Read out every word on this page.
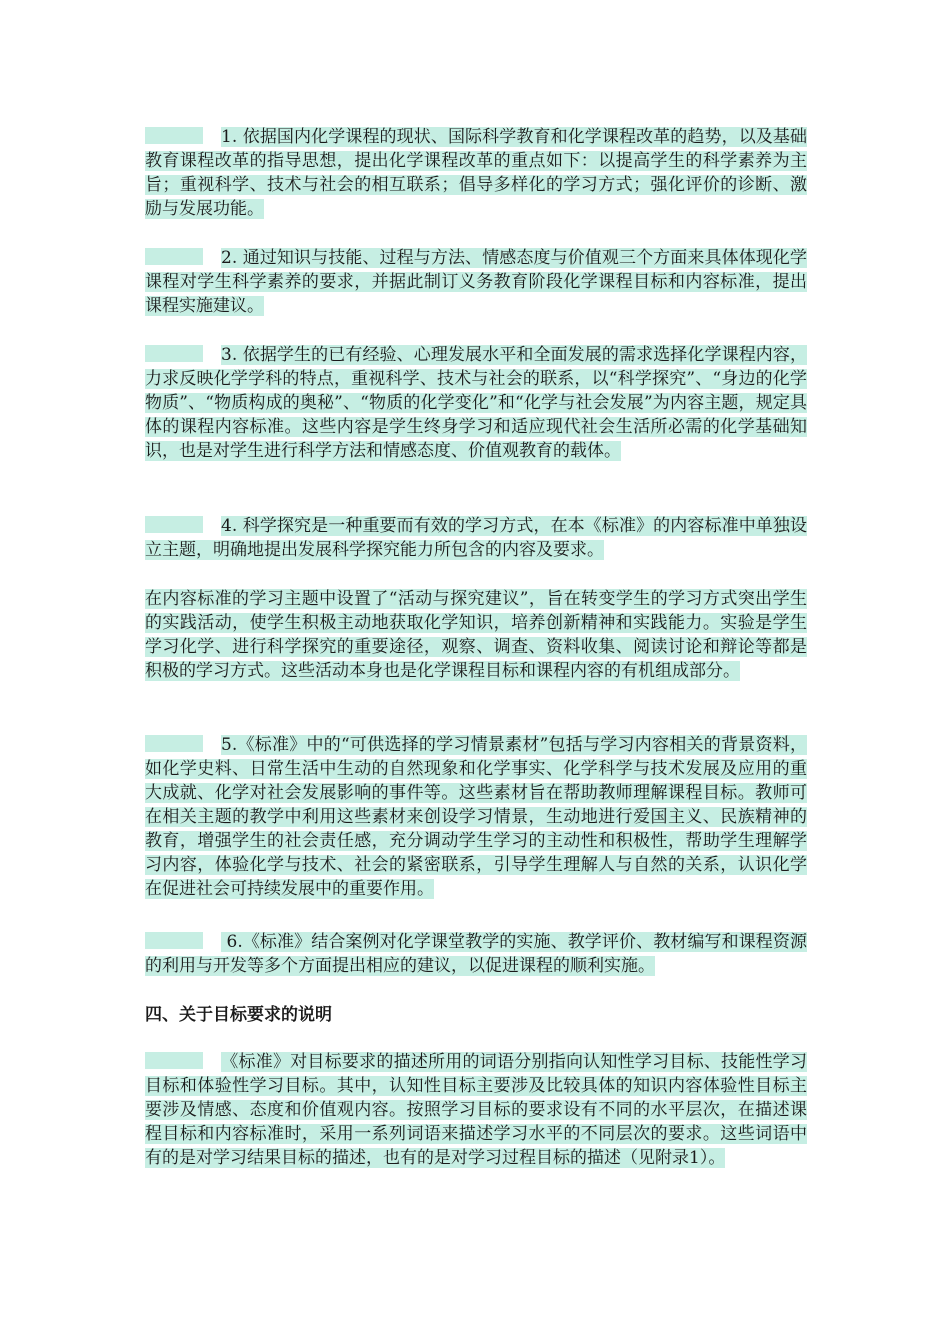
1. 依据国内化学课程的现状、国际科学教育和化学课程改革的趋势，以及基础教育课程改革的指导思想，提出化学课程改革的重点如下：以提高学生的科学素养为主旨；重视科学、技术与社会的相互联系；倡导多样化的学习方式；强化评价的诊断、激励与发展功能。
2. 通过知识与技能、过程与方法、情感态度与价值观三个方面来具体体现化学课程对学生科学素养的要求，并据此制订义务教育阶段化学课程目标和内容标准，提出课程实施建议。
3. 依据学生的已有经验、心理发展水平和全面发展的需求选择化学课程内容，力求反映化学学科的特点，重视科学、技术与社会的联系，以“科学探究”、“身边的化学物质”、“物质构成的奥秘”、“物质的化学变化”和“化学与社会发展”为内容主题，规定具体的课程内容标准。这些内容是学生终身学习和适应现代社会生活所必需的化学基础知识，也是对学生进行科学方法和情感态度、价值观教育的载体。
4. 科学探究是一种重要而有效的学习方式，在本《标准》的内容标准中单独设立主题，明确地提出发展科学探究能力所包含的内容及要求。
在内容标准的学习主题中设置了“活动与探究建议”，旨在转变学生的学习方式突出学生的实践活动，使学生积极主动地获取化学知识，培养创新精神和实践能力。实验是学生学习化学、进行科学探究的重要途径，观察、调查、资料收集、阅读讨论和辩论等都是积极的学习方式。这些活动本身也是化学课程目标和课程内容的有机组成部分。
5.《标准》中的“可供选择的学习情景素材”包括与学习内容相关的背景资料，如化学史料、日常生活中生动的自然现象和化学事实、化学科学与技术发展及应用的重大成就、化学对社会发展影响的事件等。这些素材旨在帮助教师理解课程目标。教师可在相关主题的教学中利用这些素材来创设学习情景，生动地进行爱国主义、民族精神的教育，增强学生的社会责任感，充分调动学生学习的主动性和积极性，帮助学生理解学习内容，体验化学与技术、社会的紧密联系，引导学生理解人与自然的关系，认识化学在促进社会可持续发展中的重要作用。
6.《标准》结合案例对化学课堂教学的实施、教学评价、教材编写和课程资源的利用与开发等多个方面提出相应的建议，以促进课程的顺利实施。
四、关于目标要求的说明
《标准》对目标要求的描述所用的词语分别指向认知性学习目标、技能性学习目标和体验性学习目标。其中，认知性目标主要涉及比较具体的知识内容体验性目标主要涉及情感、态度和价值观内容。按照学习目标的要求设有不同的水平层次，在描述课程目标和内容标准时，采用一系列词语来描述学习水平的不同层次的要求。这些词语中有的是对学习结果目标的描述，也有的是对学习过程目标的描述（见附录1）。
